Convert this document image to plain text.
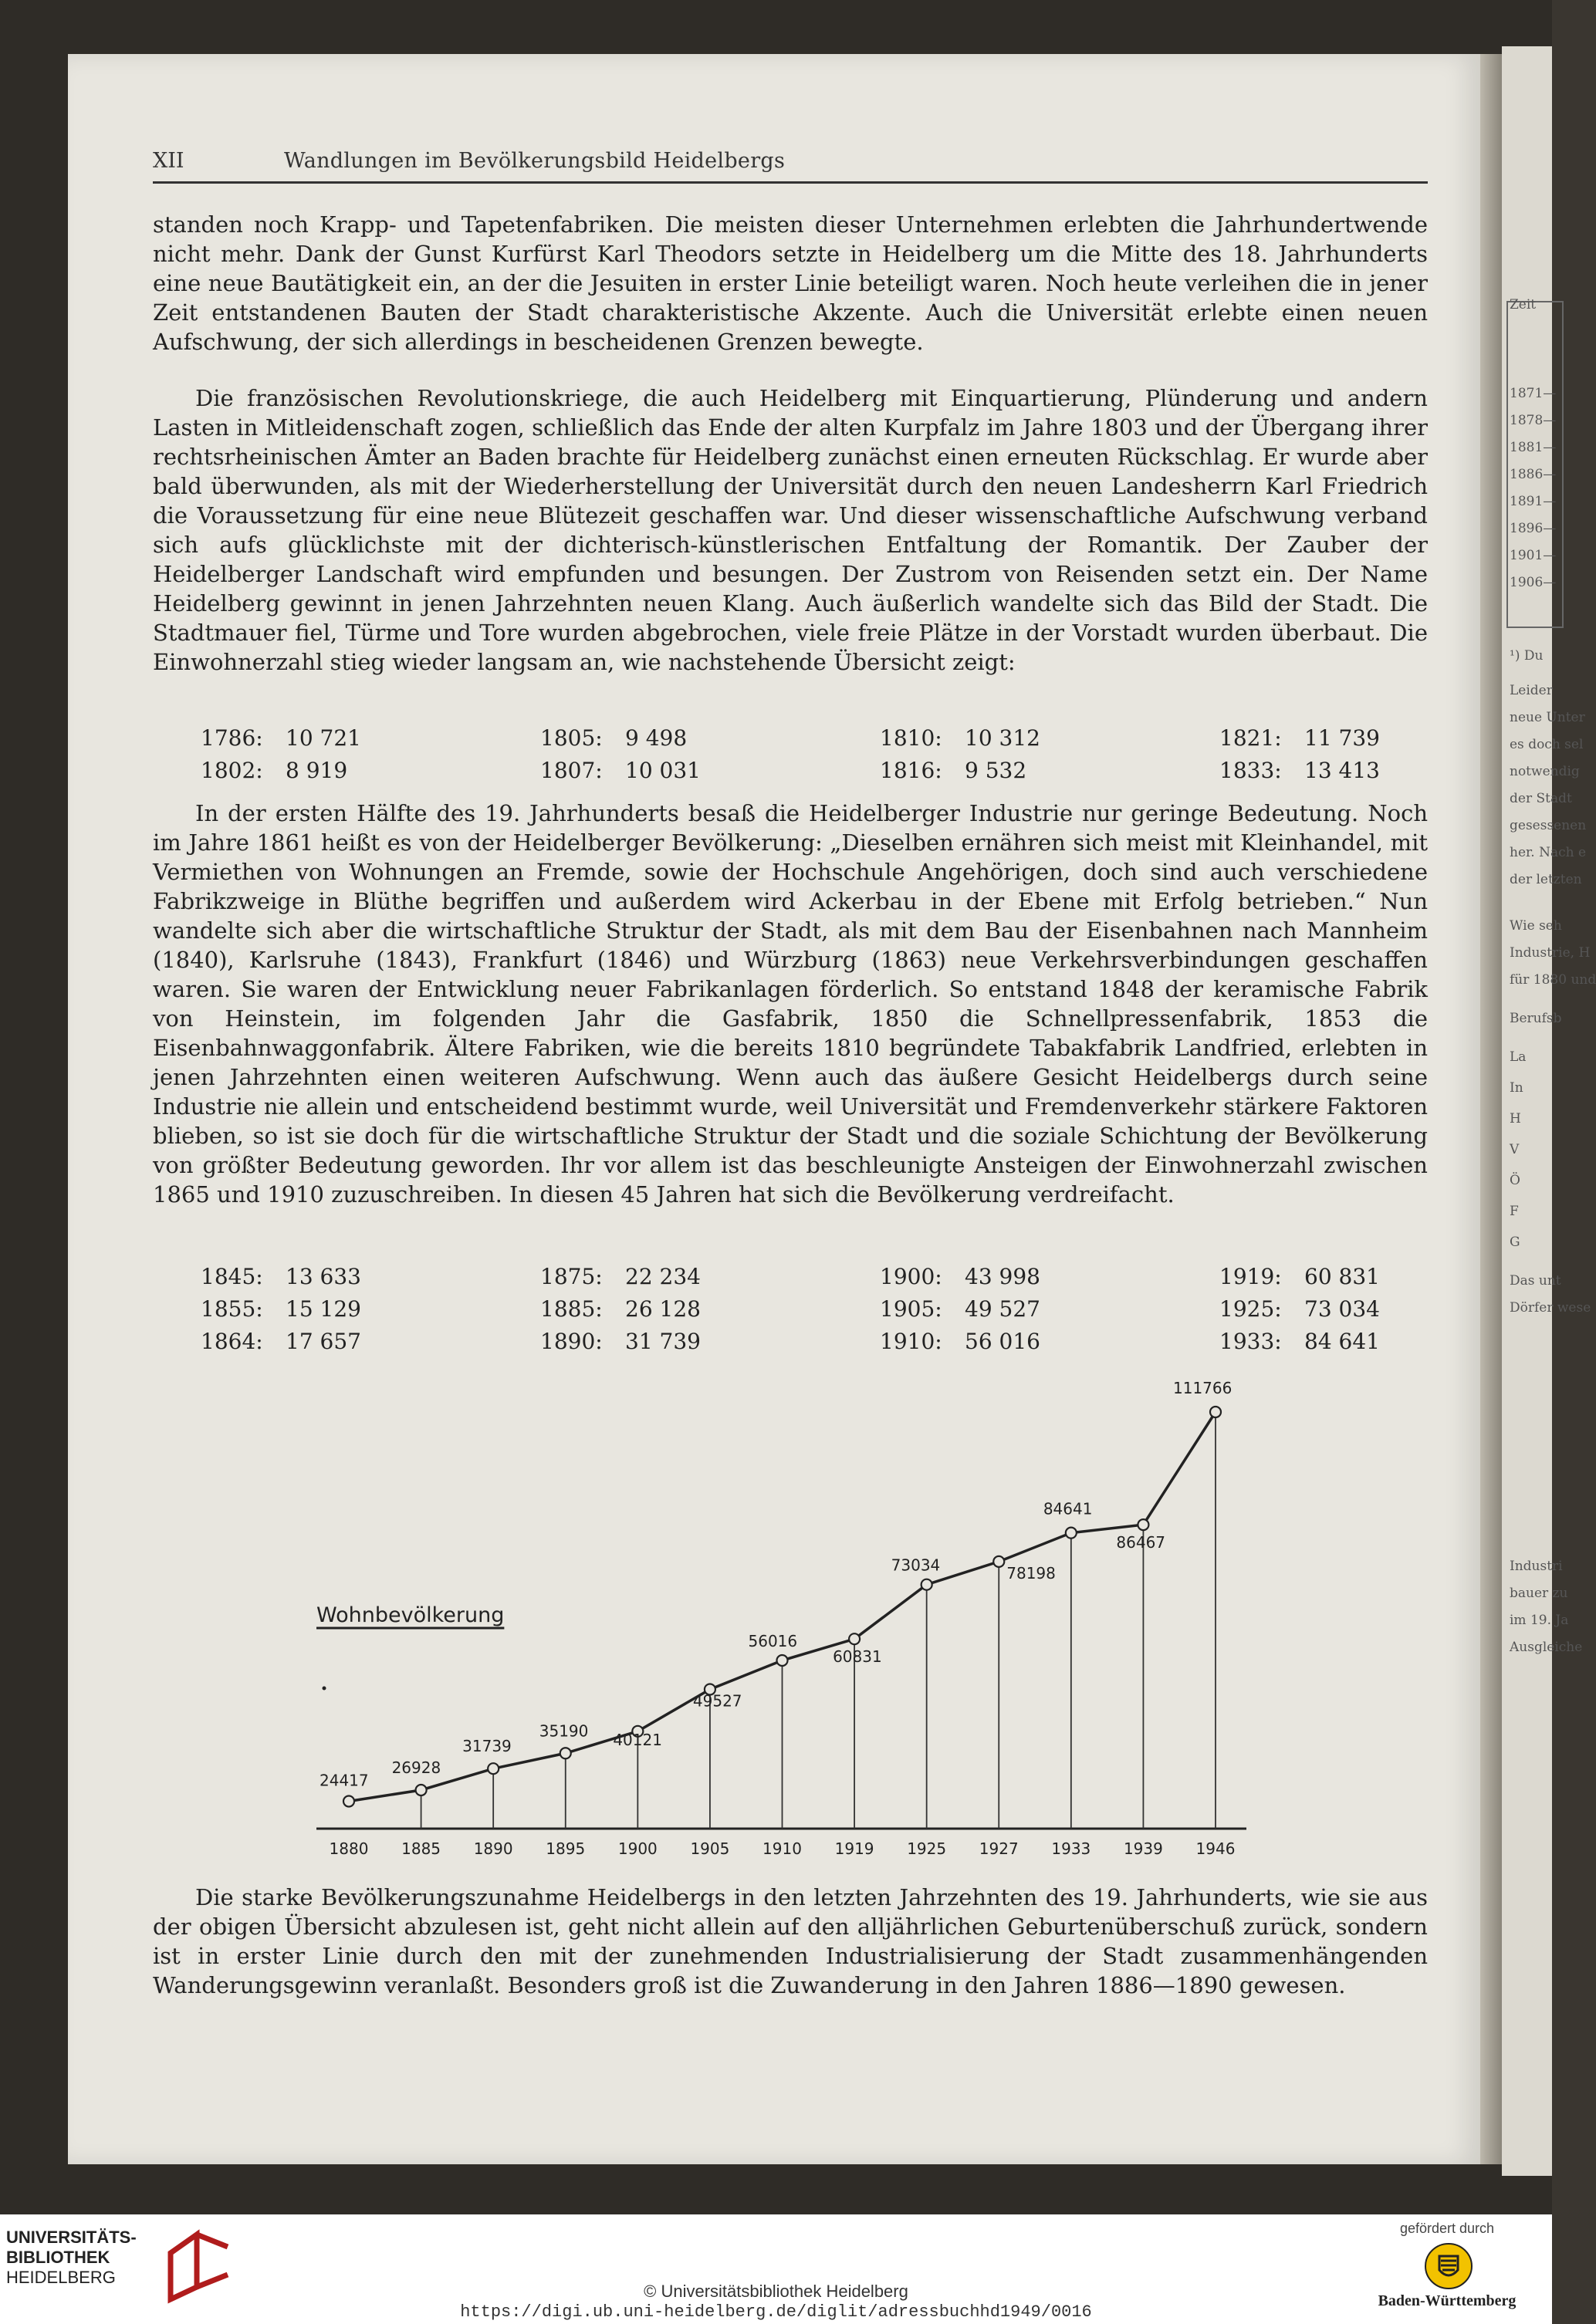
Zeit
1871—
1878—
1881—
1886—
1891—
1896—
1901—
1906—
¹) Du
Leider
neue Unter
es doch sel
notwendig
der Stadt
gesessenen
her. Nach e
der letzten
Wie seh
Industrie, H
für 1880 und
Berufsb
La
In
H
V
Ö
F
G
Das unt
Dörfer wese
Industri
bauer zu
im 19. Ja
Ausgleiche
XII	Wandlungen im Bevölkerungsbild Heidelbergs
standen noch Krapp- und Tapetenfabriken. Die meisten dieser Unternehmen erlebten die Jahrhundertwende nicht mehr. Dank der Gunst Kurfürst Karl Theodors setzte in Heidelberg um die Mitte des 18. Jahrhunderts eine neue Bautätigkeit ein, an der die Jesuiten in erster Linie beteiligt waren. Noch heute verleihen die in jener Zeit entstandenen Bauten der Stadt charakteristische Akzente. Auch die Universität erlebte einen neuen Aufschwung, der sich allerdings in bescheidenen Grenzen bewegte.
Die französischen Revolutionskriege, die auch Heidelberg mit Einquartierung, Plünderung und andern Lasten in Mitleidenschaft zogen, schließlich das Ende der alten Kurpfalz im Jahre 1803 und der Übergang ihrer rechtsrheinischen Ämter an Baden brachte für Heidelberg zunächst einen erneuten Rückschlag. Er wurde aber bald überwunden, als mit der Wiederherstellung der Universität durch den neuen Landesherrn Karl Friedrich die Voraussetzung für eine neue Blütezeit geschaffen war. Und dieser wissenschaftliche Aufschwung verband sich aufs glücklichste mit der dichterisch-künstlerischen Entfaltung der Romantik. Der Zauber der Heidelberger Landschaft wird empfunden und besungen. Der Zustrom von Reisenden setzt ein. Der Name Heidelberg gewinnt in jenen Jahrzehnten neuen Klang. Auch äußerlich wandelte sich das Bild der Stadt. Die Stadtmauer fiel, Türme und Tore wurden abgebrochen, viele freie Plätze in der Vorstadt wurden überbaut. Die Einwohnerzahl stieg wieder langsam an, wie nachstehende Übersicht zeigt:
1786: 10 721	1805: 9 498	1810: 10 312	1821: 11 739
1802: 8 919	1807: 10 031	1816: 9 532	1833: 13 413
In der ersten Hälfte des 19. Jahrhunderts besaß die Heidelberger Industrie nur geringe Bedeutung. Noch im Jahre 1861 heißt es von der Heidelberger Bevölkerung: „Dieselben ernähren sich meist mit Kleinhandel, mit Vermiethen von Wohnungen an Fremde, sowie der Hochschule Angehörigen, doch sind auch verschiedene Fabrikzweige in Blüthe begriffen und außerdem wird Ackerbau in der Ebene mit Erfolg betrieben.“ Nun wandelte sich aber die wirtschaftliche Struktur der Stadt, als mit dem Bau der Eisenbahnen nach Mannheim (1840), Karlsruhe (1843), Frankfurt (1846) und Würzburg (1863) neue Verkehrsverbindungen geschaffen waren. Sie waren der Entwicklung neuer Fabrikanlagen förderlich. So entstand 1848 der keramische Fabrik von Heinstein, im folgenden Jahr die Gasfabrik, 1850 die Schnellpressenfabrik, 1853 die Eisenbahnwaggonfabrik. Ältere Fabriken, wie die bereits 1810 begründete Tabakfabrik Landfried, erlebten in jenen Jahrzehnten einen weiteren Aufschwung. Wenn auch das äußere Gesicht Heidelbergs durch seine Industrie nie allein und entscheidend bestimmt wurde, weil Universität und Fremdenverkehr stärkere Faktoren blieben, so ist sie doch für die wirtschaftliche Struktur der Stadt und die soziale Schichtung der Bevölkerung von größter Bedeutung geworden. Ihr vor allem ist das beschleunigte Ansteigen der Einwohnerzahl zwischen 1865 und 1910 zuzuschreiben. In diesen 45 Jahren hat sich die Bevölkerung verdreifacht.
1845: 13 633	1875: 22 234	1900: 43 998	1919: 60 831
1855: 15 129	1885: 26 128	1905: 49 527	1925: 73 034
1864: 17 657	1890: 31 739	1910: 56 016	1933: 84 641
Wohnbevölkerung
24417
26928
31739
35190 40121
49527
56016
60831
73034	78198
84641
86467
111766
1880 1885 1890 1895 1900 1905 1910 1919 1925 1927 1933 1939 1946
Die starke Bevölkerungszunahme Heidelbergs in den letzten Jahrzehnten des 19. Jahrhunderts, wie sie aus der obigen Übersicht abzulesen ist, geht nicht allein auf den alljährlichen Geburtenüberschuß zurück, sondern ist in erster Linie durch den mit der zunehmenden Industrialisierung der Stadt zusammenhängenden Wanderungsgewinn veranlaßt. Besonders groß ist die Zuwanderung in den Jahren 1886—1890 gewesen.
UNIVERSITÄTS-
BIBLIOTHEK
HEIDELBERG
© Universitätsbibliothek Heidelberg
https://digi.ub.uni-heidelberg.de/diglit/adressbuchhd1949/0016
gefördert durch
Baden-Württemberg
